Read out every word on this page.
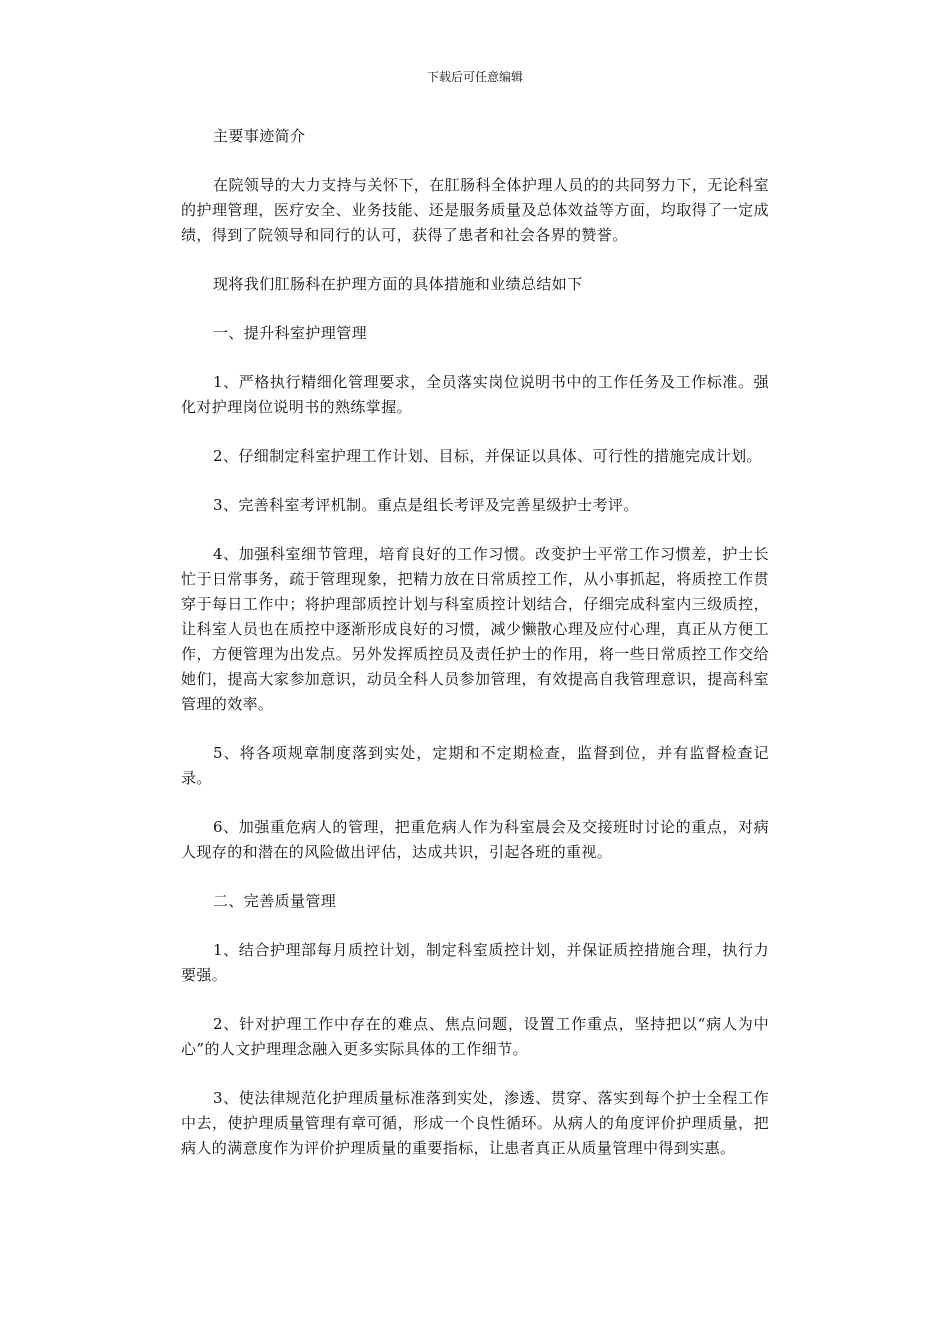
下载后可任意编辑

主要事迹简介

在院领导的大力支持与关怀下，在肛肠科全体护理人员的的共同努力下，无论科室的护理管理，医疗安全、业务技能、还是服务质量及总体效益等方面，均取得了一定成绩，得到了院领导和同行的认可，获得了患者和社会各界的赞誉。

现将我们肛肠科在护理方面的具体措施和业绩总结如下

一、提升科室护理管理

1、严格执行精细化管理要求，全员落实岗位说明书中的工作任务及工作标准。强化对护理岗位说明书的熟练掌握。

2、仔细制定科室护理工作计划、目标，并保证以具体、可行性的措施完成计划。

3、完善科室考评机制。重点是组长考评及完善星级护士考评。

4、加强科室细节管理，培育良好的工作习惯。改变护士平常工作习惯差，护士长忙于日常事务，疏于管理现象，把精力放在日常质控工作，从小事抓起，将质控工作贯穿于每日工作中；将护理部质控计划与科室质控计划结合，仔细完成科室内三级质控，让科室人员也在质控中逐渐形成良好的习惯，减少懒散心理及应付心理，真正从方便工作，方便管理为出发点。另外发挥质控员及责任护士的作用，将一些日常质控工作交给她们，提高大家参加意识，动员全科人员参加管理，有效提高自我管理意识，提高科室管理的效率。

5、将各项规章制度落到实处，定期和不定期检查，监督到位，并有监督检查记录。

6、加强重危病人的管理，把重危病人作为科室晨会及交接班时讨论的重点，对病人现存的和潜在的风险做出评估，达成共识，引起各班的重视。

二、完善质量管理

1、结合护理部每月质控计划，制定科室质控计划，并保证质控措施合理，执行力要强。

2、针对护理工作中存在的难点、焦点问题，设置工作重点，坚持把以“病人为中心”的人文护理理念融入更多实际具体的工作细节。

3、使法律规范化护理质量标准落到实处，渗透、贯穿、落实到每个护士全程工作中去，使护理质量管理有章可循，形成一个良性循环。从病人的角度评价护理质量，把病人的满意度作为评价护理质量的重要指标，让患者真正从质量管理中得到实惠。
